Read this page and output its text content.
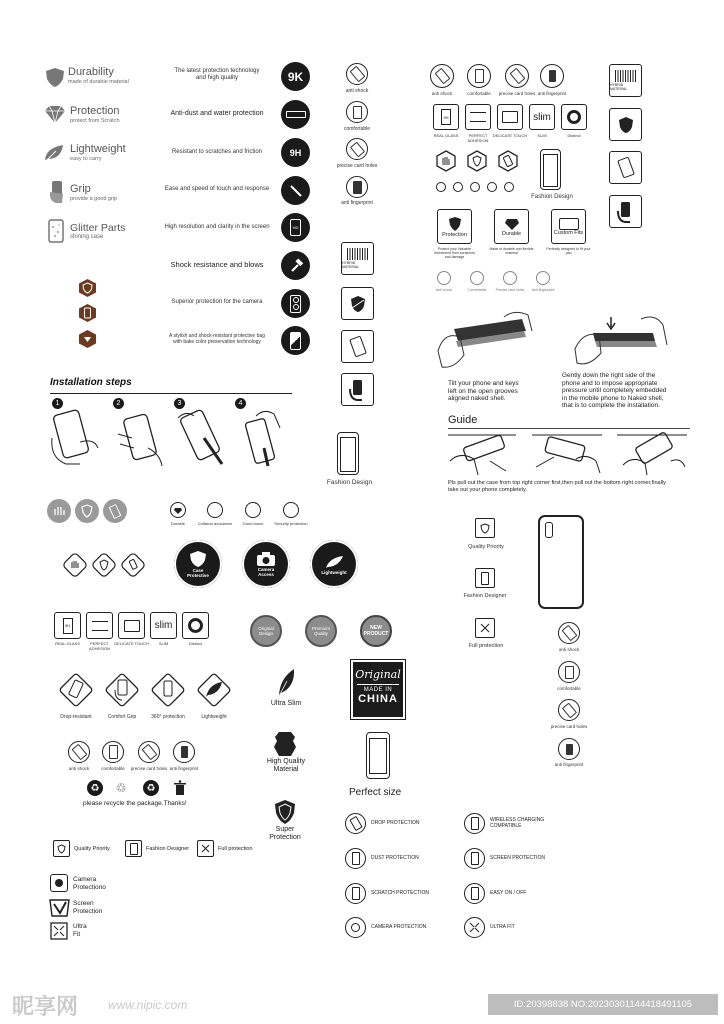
Durability
made of durable material
Protection
protect from Scratch
Lightweight
easy to carry
Grip
provide a good grip
Glitter Parts
shining case
The latest protection technology
and high quality	9K
Anti-dust and water protection
Resistant to scratches and friction	9H
Ease and speed of touch and response
High resolution and clarity in the screen	HD
Shock resistance and blows
Superior protection for the camera
A stylish and shock-resistant protective bag
with bake color preservation technology
anti shock
comfortable
precise card holes
anti fingerprint
HYBRID MATERIAL
Fashion Design
anti shock	comfortable	precise card holes anti fingerprint
HYBRID MATERIAL
9H
REAL GLASS	PERFECT ADHESION
DELICATE TOUCH
slim
SLIM	Distinct
Fashion Design
Protection
Protect your Valuable investment from scratches and damage
Durable
Made of durable and flexible material
Custom Fits
Perfectly designed to fit your pad
Anti shock	Comfortable	Precise card holes	Anti fingerprint
Tilt your phone and keys
left on the open grooves
aligned naked shell.
Gently down the right side of the
phone and to impose appropriate
pressure until completely embedded
in the mobile phone to Naked shell,
that is to complete the installation.
Installation steps
1	2	3	4
Guide
Pls pull out the case from top right corner first,then pull out the bottom right corner,finally
take out your phone completely.
Durable	Collision avoidance	Good touch	Security protection
Case
Protective
Camera
Access	Lightweight
Quality Priority
Fashion Designer
Full protection
anti shock
comfortable
precise card holes
anti fingerprint
9H
REAL GLASS	PERFECT ADHESION
DELICATE TOUCH
slim
SLIM	Distinct
Original Design
Premium Quality
NEW PRODUCT
Drop-resistant	Comfort Grip	360° protection	Lightweight
Ultra Slim
Original
MADE IN
CHINA
anti shock	comfortable	precise card holes anti fingerprint
♻	♲	♻
please recycle the package.Thanks!
High Quality
Material
Perfect size
Super
Protection
Quality Priority	Fashion Designer	Full protection
Camera
Protectiono
Screen
Protection
Ultra
Fit
DROP PROTECTION	WIRELESS CHARGING
COMPATIBLE
DUST PROTECTION	SCREEN PROTECTION
SCRATCH PROTECTION	EASY ON / OFF
CAMERA PROTECTION	ULTRA FIT
昵享网 www.nipic.com	ID:20398838 NO:20230301144418491105
